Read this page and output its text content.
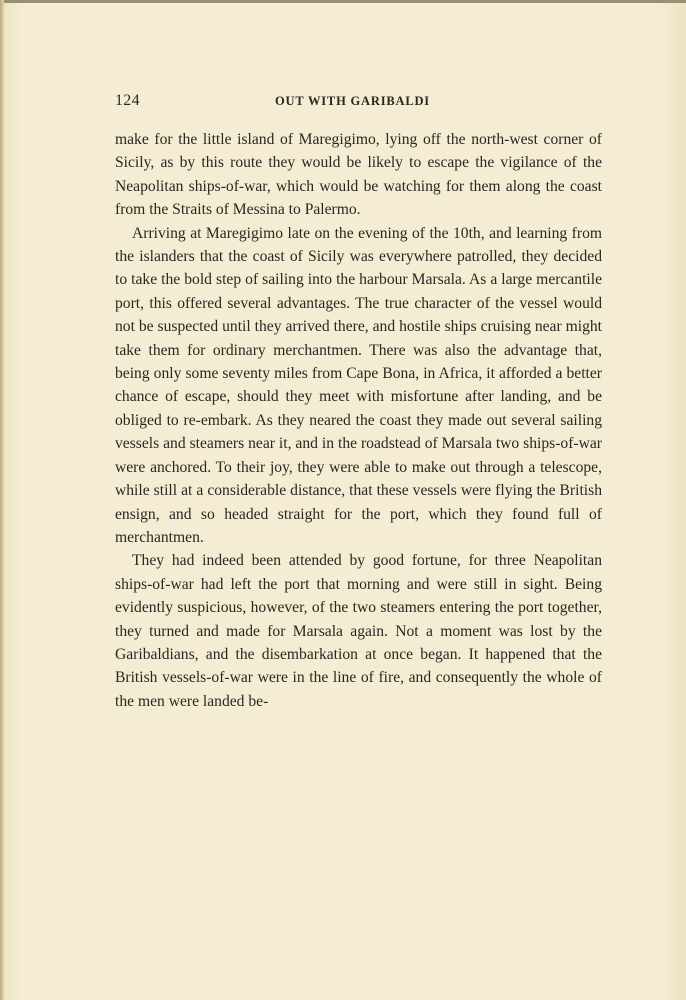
124	OUT WITH GARIBALDI

make for the little island of Maregigimo, lying off the north-west corner of Sicily, as by this route they would be likely to escape the vigilance of the Neapolitan ships-of-war, which would be watching for them along the coast from the Straits of Messina to Palermo.

Arriving at Maregigimo late on the evening of the 10th, and learning from the islanders that the coast of Sicily was everywhere patrolled, they decided to take the bold step of sailing into the harbour Marsala. As a large mercantile port, this offered several advantages. The true character of the vessel would not be suspected until they arrived there, and hostile ships cruising near might take them for ordinary merchantmen. There was also the advantage that, being only some seventy miles from Cape Bona, in Africa, it afforded a better chance of escape, should they meet with misfortune after landing, and be obliged to re-embark. As they neared the coast they made out several sailing vessels and steamers near it, and in the roadstead of Marsala two ships-of-war were anchored. To their joy, they were able to make out through a telescope, while still at a considerable distance, that these vessels were flying the British ensign, and so headed straight for the port, which they found full of merchantmen.

They had indeed been attended by good fortune, for three Neapolitan ships-of-war had left the port that morning and were still in sight. Being evidently suspicious, however, of the two steamers entering the port together, they turned and made for Marsala again. Not a moment was lost by the Garibaldians, and the disembarkation at once began. It happened that the British vessels-of-war were in the line of fire, and consequently the whole of the men were landed be-
